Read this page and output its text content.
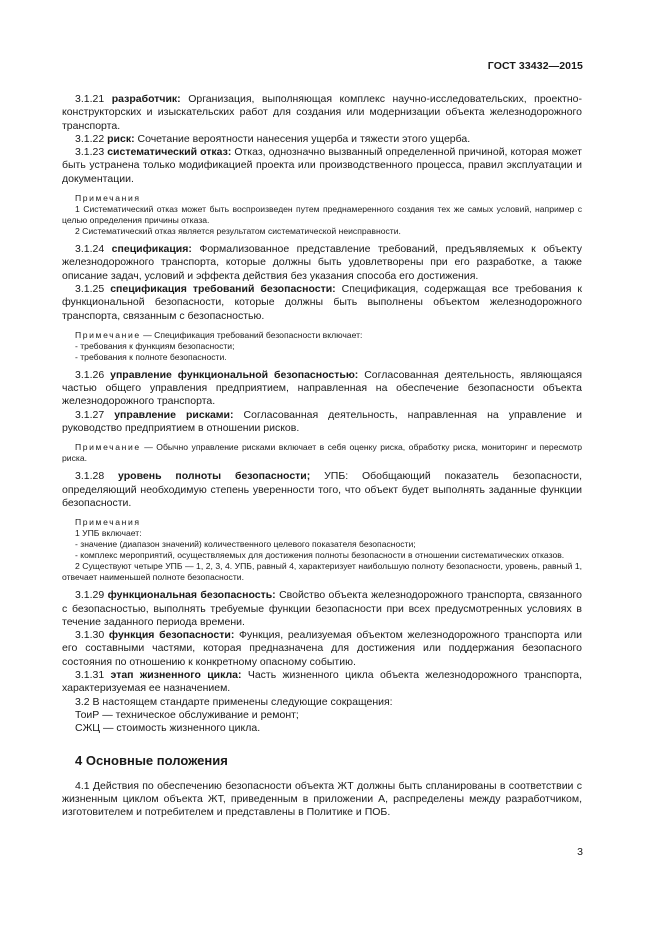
ГОСТ 33432—2015

3.1.21 разработчик: Организация, выполняющая комплекс научно-исследовательских, проектно-конструкторских и изыскательских работ для создания или модернизации объекта железнодорожного транспорта.

3.1.22 риск: Сочетание вероятности нанесения ущерба и тяжести этого ущерба.

3.1.23 систематический отказ: Отказ, однозначно вызванный определенной причиной, которая может быть устранена только модификацией проекта или производственного процесса, правил эксплуатации и документации.

Примечания

1 Систематический отказ может быть воспроизведен путем преднамеренного создания тех же самых условий, например с целью определения причины отказа.

2 Систематический отказ является результатом систематической неисправности.

3.1.24 спецификация: Формализованное представление требований, предъявляемых к объекту железнодорожного транспорта, которые должны быть удовлетворены при его разработке, а также описание задач, условий и эффекта действия без указания способа его достижения.

3.1.25 спецификация требований безопасности: Спецификация, содержащая все требования к функциональной безопасности, которые должны быть выполнены объектом железнодорожного транспорта, связанным с безопасностью.

Примечание — Спецификация требований безопасности включает:

- требования к функциям безопасности;

- требования к полноте безопасности.

3.1.26 управление функциональной безопасностью: Согласованная деятельность, являющаяся частью общего управления предприятием, направленная на обеспечение безопасности объекта железнодорожного транспорта.

3.1.27 управление рисками: Согласованная деятельность, направленная на управление и руководство предприятием в отношении рисков.

Примечание — Обычно управление рисками включает в себя оценку риска, обработку риска, мониторинг и пересмотр риска.

3.1.28 уровень полноты безопасности; УПБ: Обобщающий показатель безопасности, определяющий необходимую степень уверенности того, что объект будет выполнять заданные функции безопасности.

Примечания

1 УПБ включает:

- значение (диапазон значений) количественного целевого показателя безопасности;

- комплекс мероприятий, осуществляемых для достижения полноты безопасности в отношении систематических отказов.

2 Существуют четыре УПБ — 1, 2, 3, 4. УПБ, равный 4, характеризует наибольшую полноту безопасности, уровень, равный 1, отвечает наименьшей полноте безопасности.

3.1.29 функциональная безопасность: Свойство объекта железнодорожного транспорта, связанного с безопасностью, выполнять требуемые функции безопасности при всех предусмотренных условиях в течение заданного периода времени.

3.1.30 функция безопасности: Функция, реализуемая объектом железнодорожного транспорта или его составными частями, которая предназначена для достижения или поддержания безопасного состояния по отношению к конкретному опасному событию.

3.1.31 этап жизненного цикла: Часть жизненного цикла объекта железнодорожного транспорта, характеризуемая ее назначением.

3.2 В настоящем стандарте применены следующие сокращения:

ТоиР — техническое обслуживание и ремонт;

СЖЦ — стоимость жизненного цикла.

4 Основные положения

4.1 Действия по обеспечению безопасности объекта ЖТ должны быть спланированы в соответствии с жизненным циклом объекта ЖТ, приведенным в приложении А, распределены между разработчиком, изготовителем и потребителем и представлены в Политике и ПОБ.

3
